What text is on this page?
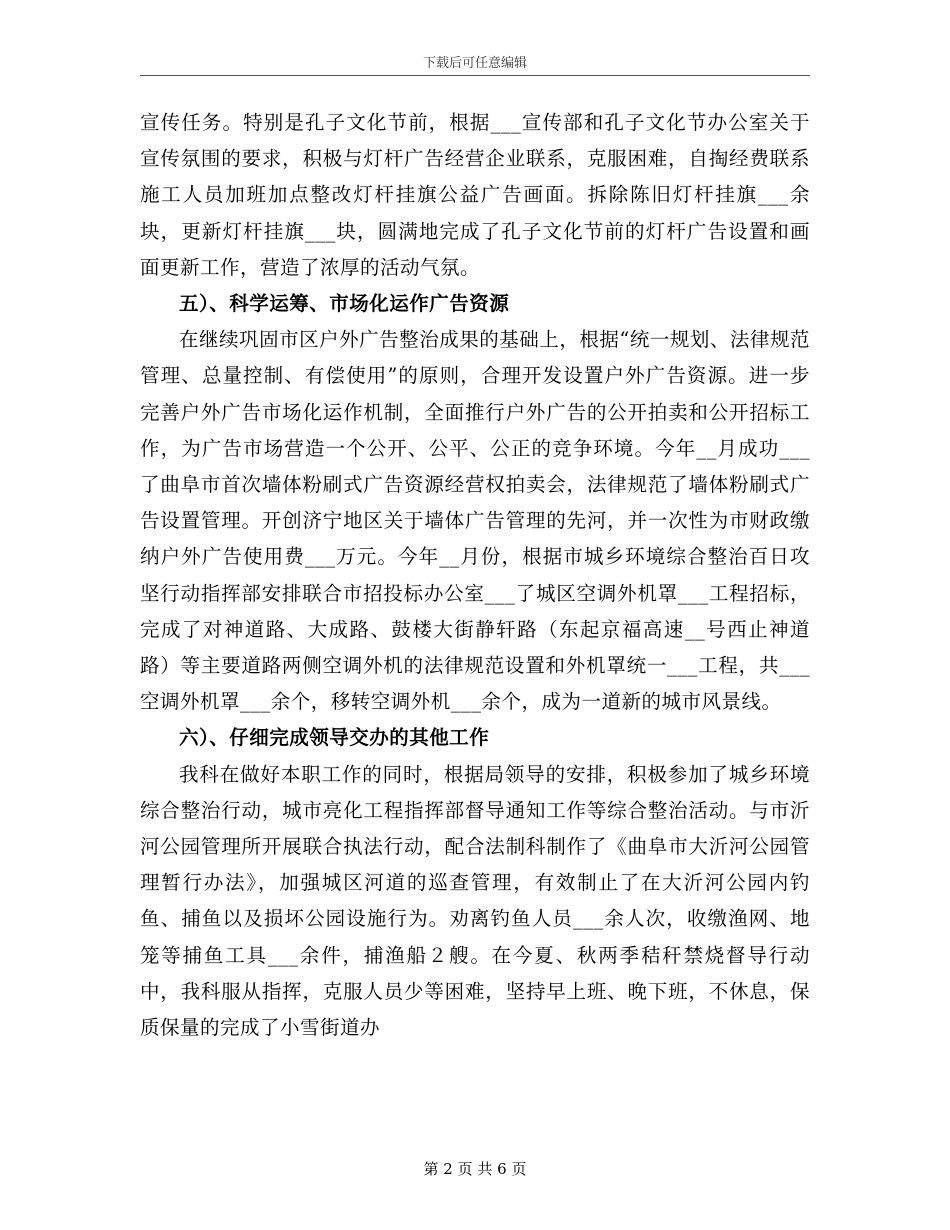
下载后可任意编辑

宣传任务。特别是孔子文化节前，根据___宣传部和孔子文化节办公室关于宣传氛围的要求，积极与灯杆广告经营企业联系，克服困难，自掏经费联系施工人员加班加点整改灯杆挂旗公益广告画面。拆除陈旧灯杆挂旗___余块，更新灯杆挂旗___块，圆满地完成了孔子文化节前的灯杆广告设置和画面更新工作，营造了浓厚的活动气氛。

五）、科学运筹、市场化运作广告资源

在继续巩固市区户外广告整治成果的基础上，根据“统一规划、法律规范管理、总量控制、有偿使用”的原则，合理开发设置户外广告资源。进一步完善户外广告市场化运作机制，全面推行户外广告的公开拍卖和公开招标工作，为广告市场营造一个公开、公平、公正的竞争环境。今年__月成功___了曲阜市首次墙体粉刷式广告资源经营权拍卖会，法律规范了墙体粉刷式广告设置管理。开创济宁地区关于墙体广告管理的先河，并一次性为市财政缴纳户外广告使用费___万元。今年__月份，根据市城乡环境综合整治百日攻坚行动指挥部安排联合市招投标办公室___了城区空调外机罩___工程招标，完成了对神道路、大成路、鼓楼大街静轩路（东起京福高速__号西止神道路）等主要道路两侧空调外机的法律规范设置和外机罩统一___工程，共___空调外机罩___余个，移转空调外机___余个，成为一道新的城市风景线。

六）、仔细完成领导交办的其他工作

我科在做好本职工作的同时，根据局领导的安排，积极参加了城乡环境综合整治行动，城市亮化工程指挥部督导通知工作等综合整治活动。与市沂河公园管理所开展联合执法行动，配合法制科制作了《曲阜市大沂河公园管理暂行办法》，加强城区河道的巡查管理，有效制止了在大沂河公园内钓鱼、捕鱼以及损坏公园设施行为。劝离钓鱼人员___余人次，收缴渔网、地笼等捕鱼工具___余件，捕渔船２艘。在今夏、秋两季秸秆禁烧督导行动中，我科服从指挥，克服人员少等困难，坚持早上班、晚下班，不休息，保质保量的完成了小雪街道办

第 2 页 共 6 页
